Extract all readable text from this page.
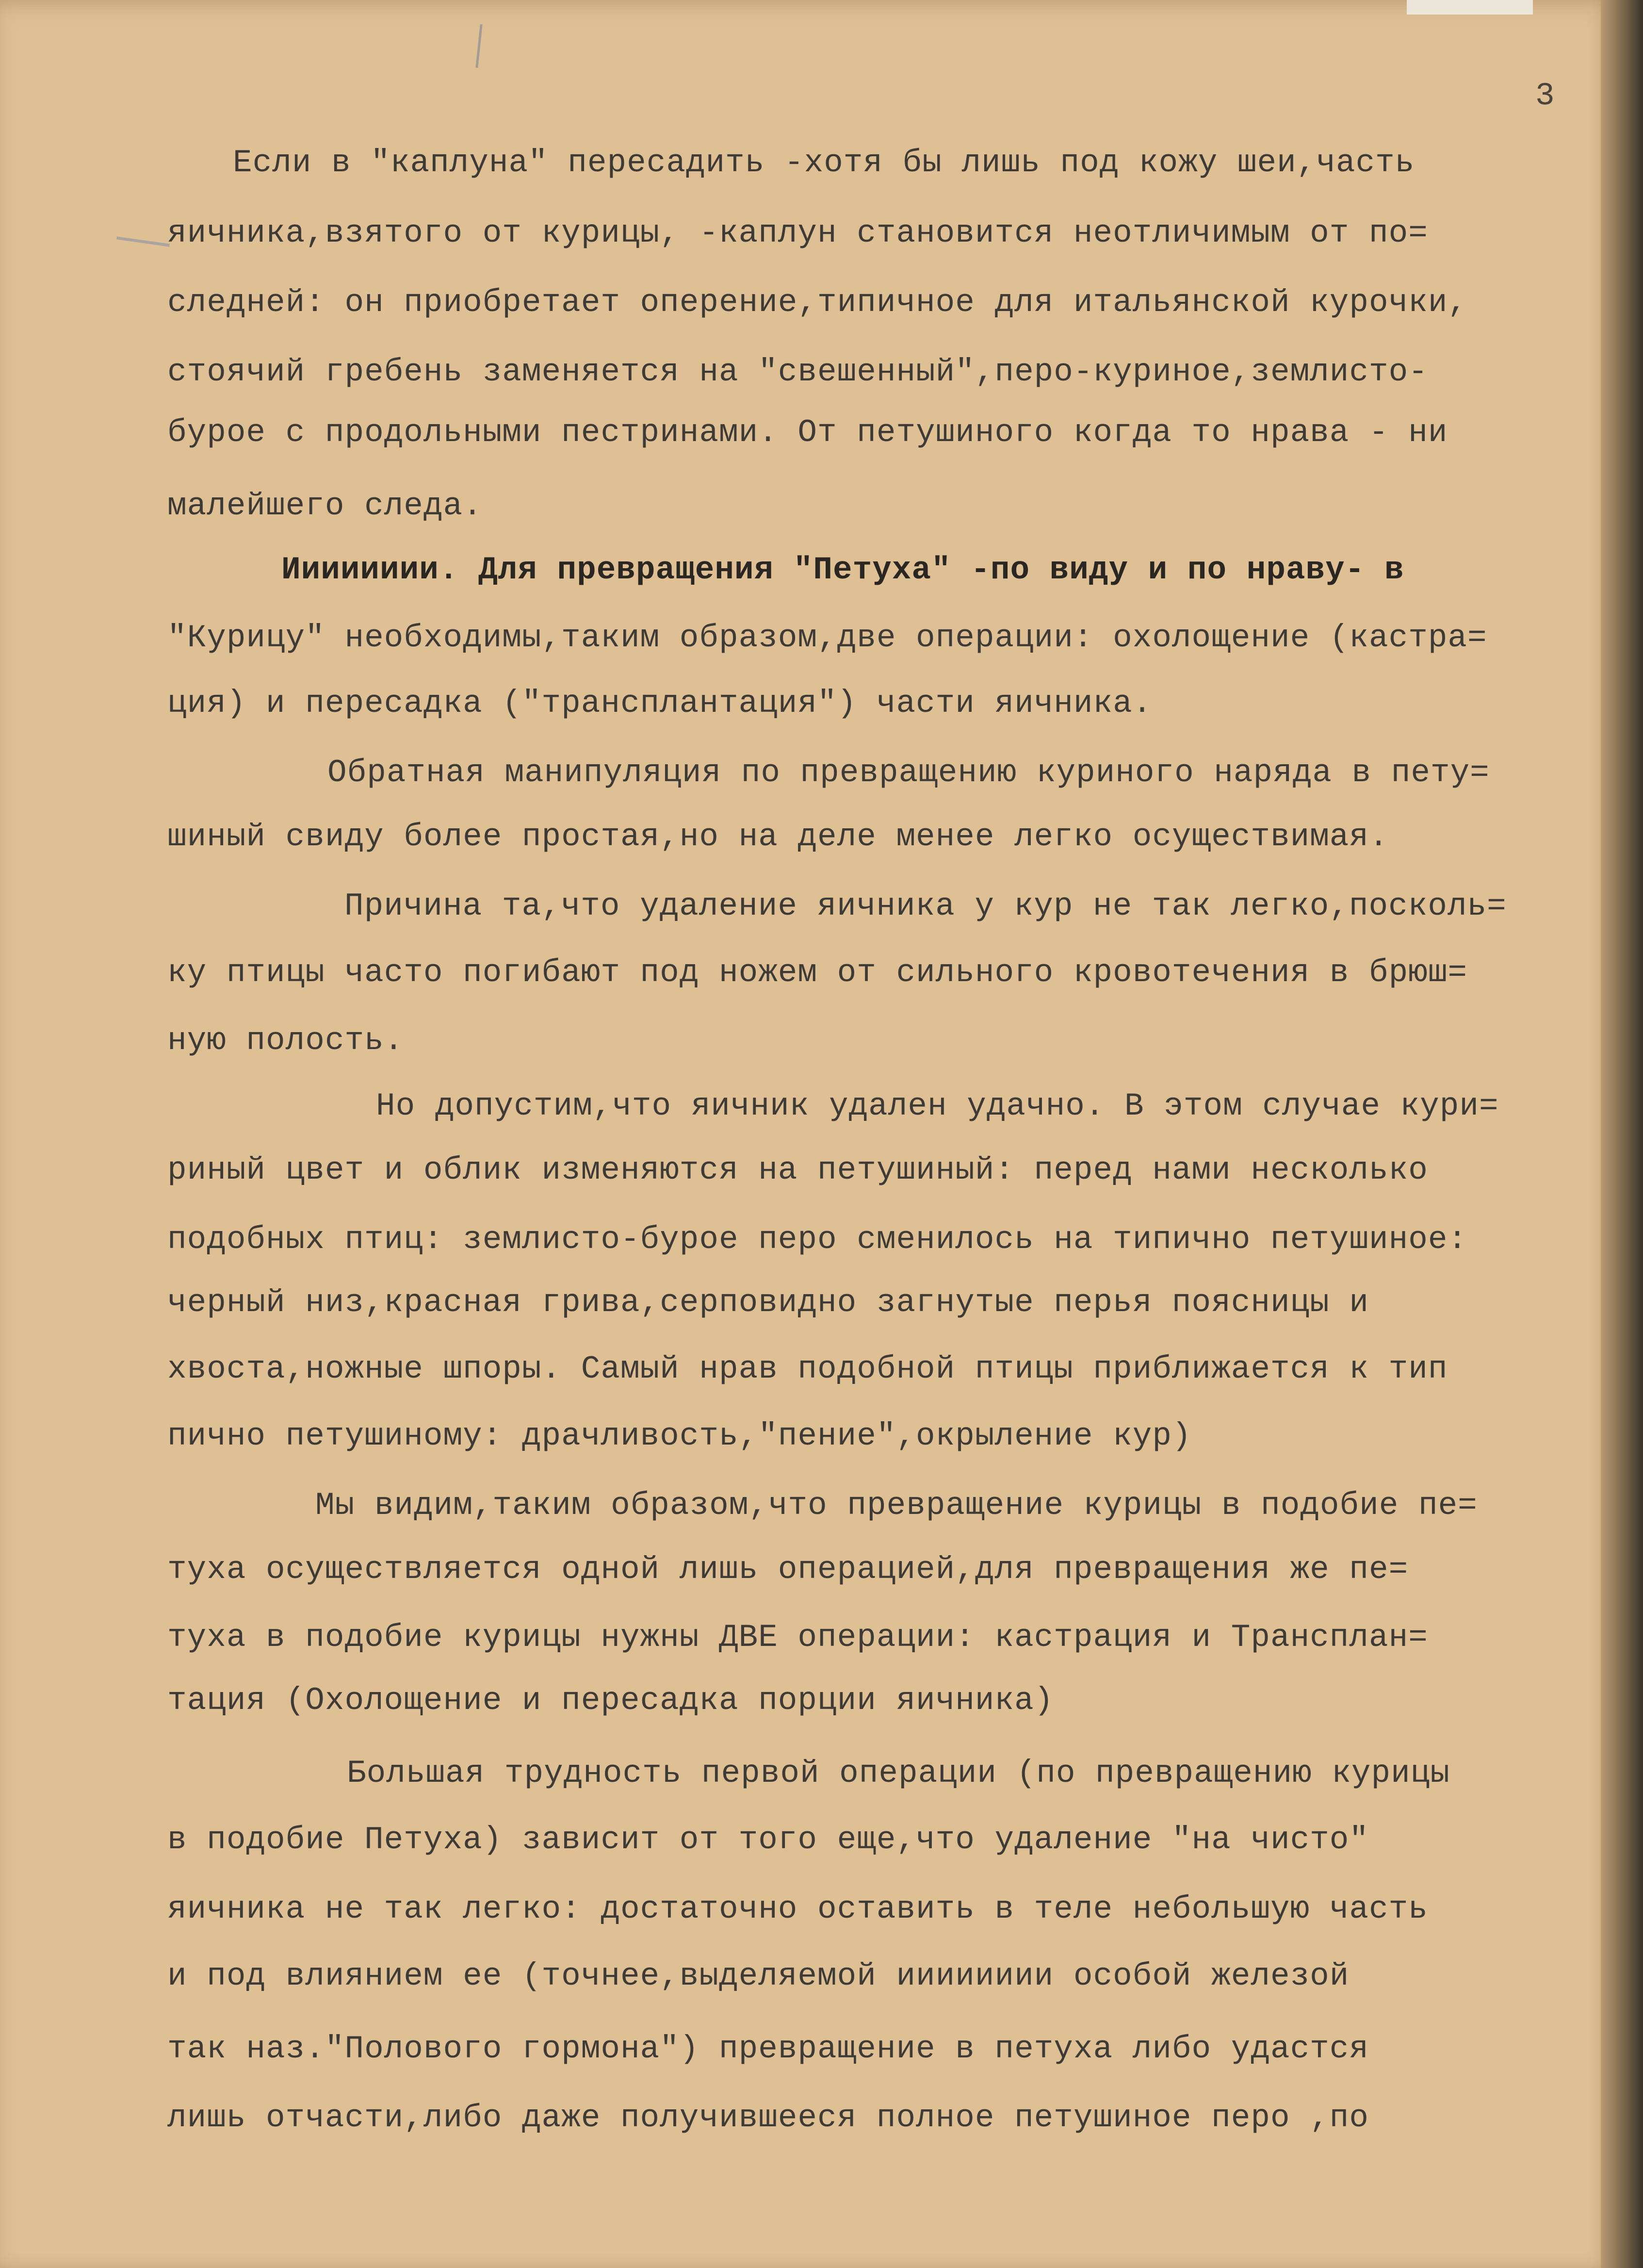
3

Если в "каплуна" пересадить -хотя бы лишь под кожу шеи,часть

яичника,взятого от курицы, -каплун становится неотличимым от по=

следней: он приобретает оперение,типичное для итальянской курочки,

стоячий гребень заменяется на "свешенный",перо-куриное,землисто-

бурое с продольными пестринами. От петушиного когда то нрава - ни

малейшего следа.

Ииииииии. Для превращения "Петуха" -по виду и по нраву- в

"Курицу" необходимы,таким образом,две операции: охолощение (кастра=

ция) и пересадка ("трансплантация") части яичника.

Обратная манипуляция по превращению куриного наряда в пету=

шиный свиду более простая,но на деле менее легко осуществимая.

Причина та,что удаление яичника у кур не так легко,посколь=

ку птицы часто погибают под ножем от сильного кровотечения в брюш=

ную полость.

Но допустим,что яичник удален удачно. В этом случае кури=

риный цвет и облик изменяются на петушиный: перед нами несколько

подобных птиц: землисто-бурое перо сменилось на типично петушиное:

черный низ,красная грива,серповидно загнутые перья поясницы и

хвоста,ножные шпоры. Самый нрав подобной птицы приближается к тип

пично петушиному: драчливость,"пение",окрыление кур)

Мы видим,таким образом,что превращение курицы в подобие пе=

туха осуществляется одной лишь операцией,для превращения же пе=

туха в подобие курицы нужны ДВЕ операции: кастрация и Трансплан=

тация (Охолощение и пересадка порции яичника)

Большая трудность первой операции (по превращению курицы

в подобие Петуха) зависит от того еще,что удаление "на чисто"

яичника не так легко: достаточно оставить в теле небольшую часть

и под влиянием ее (точнее,выделяемой ииииииии особой железой

так наз."Полового гормона") превращение в петуха либо удастся

лишь отчасти,либо даже получившееся полное петушиное перо ,по
